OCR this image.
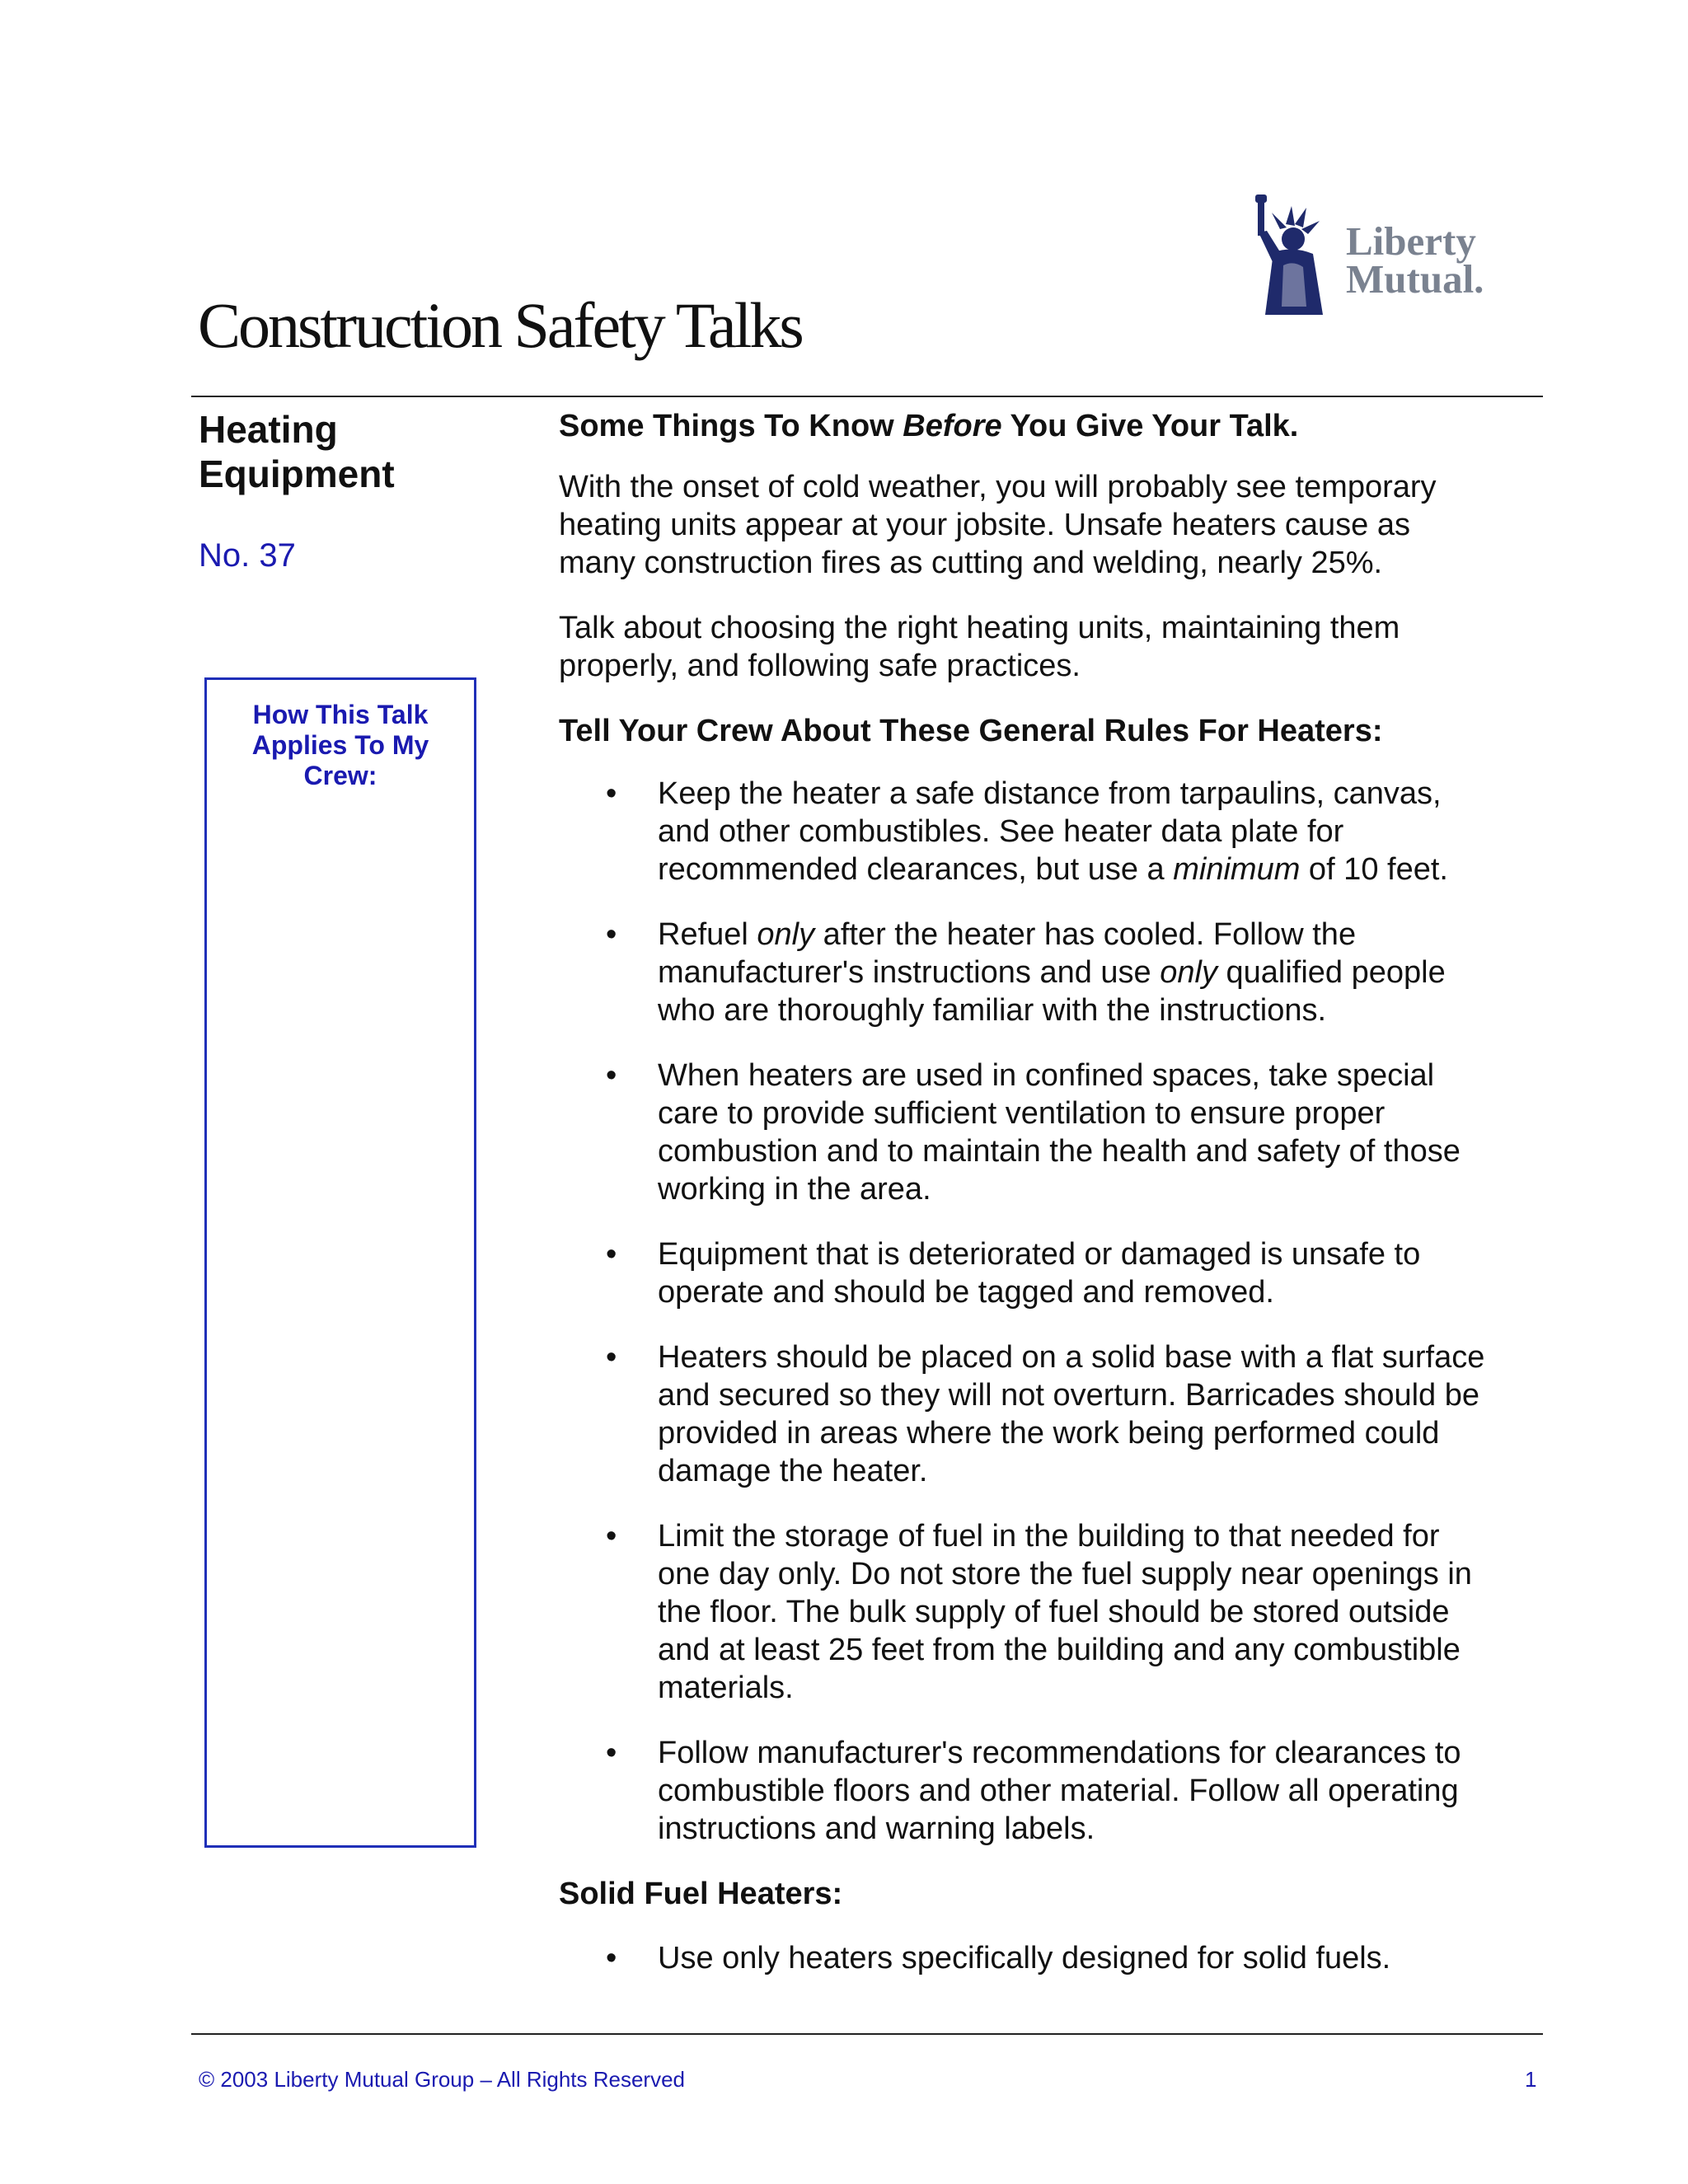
Liberty
Mutual.
Construction Safety Talks
Heating
Equipment
No. 37
How This Talk
Applies To My
Crew:
Some Things To Know Before You Give Your Talk.

With the onset of cold weather, you will probably see temporary
heating units appear at your jobsite. Unsafe heaters cause as
many construction fires as cutting and welding, nearly 25%.

Talk about choosing the right heating units, maintaining them
properly, and following safe practices.

Tell Your Crew About These General Rules For Heaters:
• Keep the heater a safe distance from tarpaulins, canvas,
and other combustibles. See heater data plate for
recommended clearances, but use a minimum of 10 feet.
• Refuel only after the heater has cooled. Follow the
manufacturer's instructions and use only qualified people
who are thoroughly familiar with the instructions.
• When heaters are used in confined spaces, take special
care to provide sufficient ventilation to ensure proper
combustion and to maintain the health and safety of those
working in the area.
• Equipment that is deteriorated or damaged is unsafe to
operate and should be tagged and removed.
• Heaters should be placed on a solid base with a flat surface
and secured so they will not overturn. Barricades should be
provided in areas where the work being performed could
damage the heater.
• Limit the storage of fuel in the building to that needed for
one day only. Do not store the fuel supply near openings in
the floor. The bulk supply of fuel should be stored outside
and at least 25 feet from the building and any combustible
materials.
• Follow manufacturer's recommendations for clearances to
combustible floors and other material. Follow all operating
instructions and warning labels.
Solid Fuel Heaters:
• Use only heaters specifically designed for solid fuels.
© 2003 Liberty Mutual Group – All Rights Reserved	1
